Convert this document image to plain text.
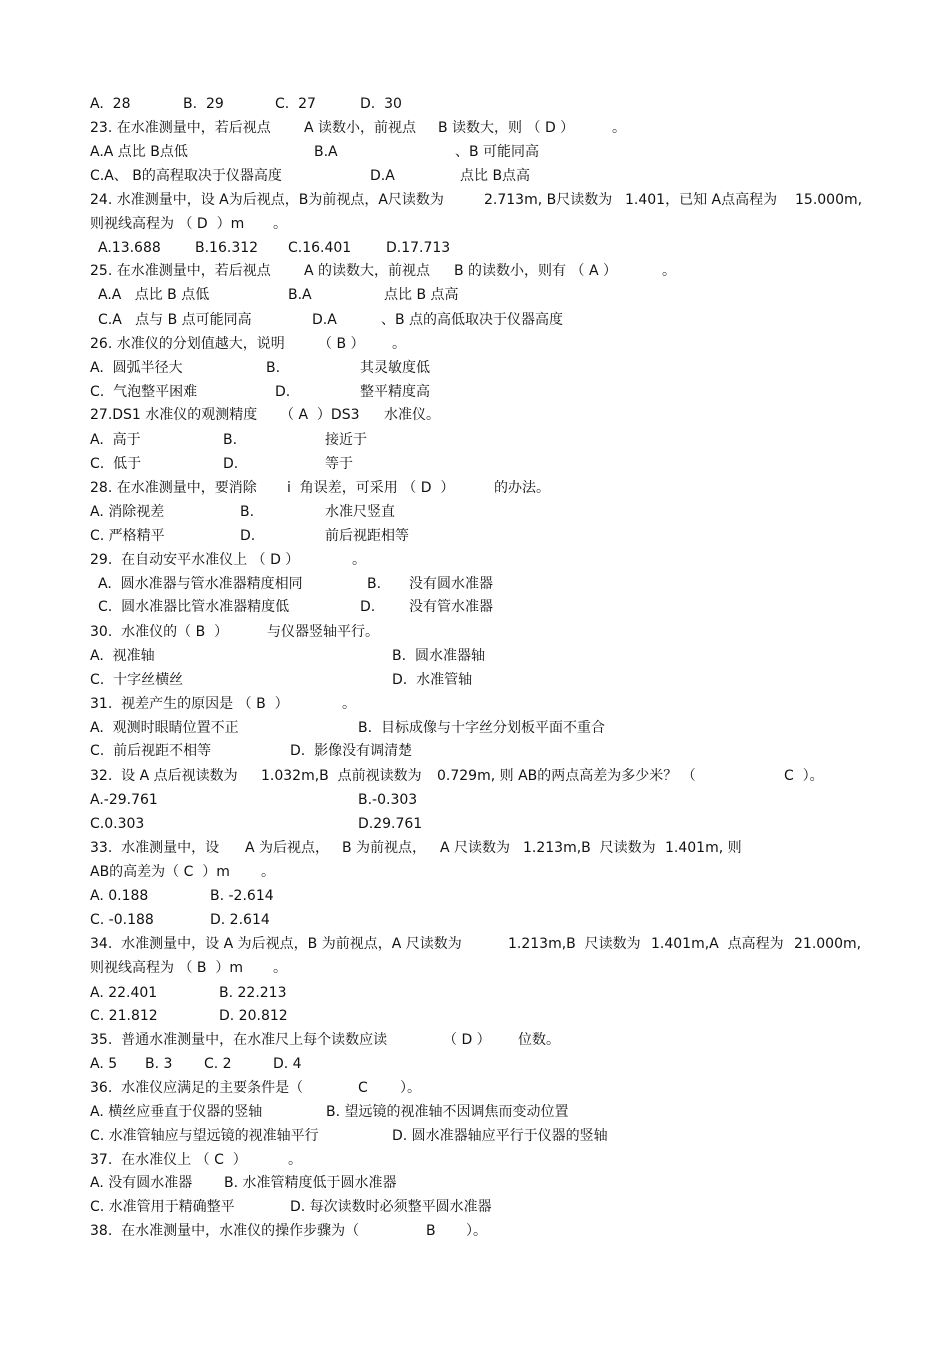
A.  28	B.  29	C.  27	D.  30
23. 在水准测量中，若后视点 A 读数小，前视点 B 读数大，则 （ D ）	。
A.A 点比 B点低	B.A	、B 可能同高
C.A、 B的高程取决于仪器高度	D.A	点比 B点高
24. 水准测量中，设 A为后视点，B为前视点，A尺读数为	2.713m, B尺读数为 1.401，已知 A点高程为 15.000m,
则视线高程为 （ D  ）m 。
A.13.688 B.16.312 C.16.401 D.17.713
25. 在水准测量中，若后视点 A 的读数大，前视点 B 的读数小，则有 （ A ）	。
A.A   点比 B 点低	B.A	点比 B 点高
C.A   点与 B 点可能同高	D.A	、B 点的高低取决于仪器高度
26. 水准仪的分划值越大，说明 （ B ） 。
A.  圆弧半径大	B.	其灵敏度低
C.  气泡整平困难	D.	整平精度高
27.DS1 水准仪的观测精度 （ A  ）DS3 水准仪。
A.  高于	B.	接近于
C.  低于	D.	等于
28. 在水准测量中，要消除 i  角误差，可采用 （ D  ）	的办法。
A. 消除视差	B.	水准尺竖直
C. 严格精平	D.	前后视距相等
29.  在自动安平水准仪上 （ D ）	。
A.  圆水准器与管水准器精度相同	B. 没有圆水准器
C.  圆水准器比管水准器精度低	D. 没有管水准器
30.  水准仪的（ B  ）	与仪器竖轴平行。
A.  视准轴	B.  圆水准器轴
C.  十字丝横丝	D.  水准管轴
31.  视差产生的原因是 （ B  ）	。
A.  观测时眼睛位置不正	B.  目标成像与十字丝分划板平面不重合
C.  前后视距不相等	D.  影像没有调清楚
32.  设 A 点后视读数为 1.032m,B  点前视读数为 0.729m, 则 AB的两点高差为多少米？ （	C  ）。
A.-29.761	B.-0.303
C.0.303	D.29.761
33.  水准测量中，设 A 为后视点， B 为前视点， A 尺读数为 1.213m,B  尺读数为 1.401m, 则
AB的高差为（ C  ）m 。
A. 0.188	B. -2.614
C. -0.188	D. 2.614
34.  水准测量中，设 A 为后视点，B 为前视点，A 尺读数为	1.213m,B  尺读数为 1.401m,A  点高程为 21.000m,
则视线高程为 （ B  ）m 。
A. 22.401	B. 22.213
C. 21.812	D. 20.812
35.  普通水准测量中，在水准尺上每个读数应读	（ D ） 位数。
A. 5 B. 3 C. 2	D. 4
36.  水准仪应满足的主要条件是（	C ）。
A. 横丝应垂直于仪器的竖轴	B. 望远镜的视准轴不因调焦而变动位置
C. 水准管轴应与望远镜的视准轴平行	D. 圆水准器轴应平行于仪器的竖轴
37.  在水准仪上 （ C  ）	。
A. 没有圆水准器 B. 水准管精度低于圆水准器
C. 水准管用于精确整平	D. 每次读数时必须整平圆水准器
38.  在水准测量中，水准仪的操作步骤为（	B ）。
